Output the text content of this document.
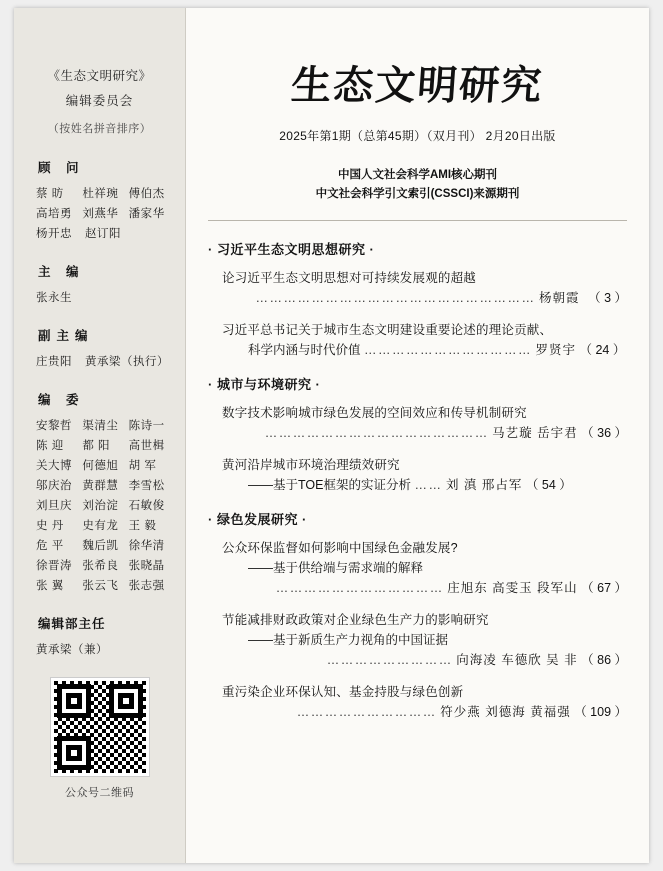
《生态文明研究》
编辑委员会
（按姓名拼音排序）
顾 问
蔡 昉	杜祥琬 傅伯杰
高培勇 刘燕华 潘家华
杨开忠	赵订阳
主 编
张永生
副主编
庄贵阳	黄承梁（执行）
编 委
安黎哲 渠清尘 陈诗一
陈 迎	都 阳	高世楫
关大博 何德旭 胡 军
邬庆治 黄群慧 李雪松
刘旦庆 刘治淀 石敏俊
史 丹	史有龙 王 毅
危 平	魏后凯 徐华清
徐晋涛 张希良 张晓晶
张 翼	张云飞 张志强
编辑部主任
黄承梁（兼）
公众号二维码
生态文明研究
2025年第1期（总第45期）（双月刊） 2月20日出版
中国人文社会科学AMI核心期刊
中文社会科学引文索引(CSSCI)来源期刊
· 习近平生态文明思想研究 ·
论习近平生态文明思想对可持续发展观的超越
…………………………………………………… 杨朝霞 （ 3 ）
习近平总书记关于城市生态文明建设重要论述的理论贡献、
科学内涵与时代价值 ……………………………… 罗贤宇 （ 24 ）
· 城市与环境研究 ·
数字技术影响城市绿色发展的空间效应和传导机制研究
………………………………………… 马艺璇 岳宇君 （ 36 ）
黄河沿岸城市环境治理绩效研究
——基于TOE框架的实证分析 …… 刘 滇 邢占军 （ 54 ）
· 绿色发展研究 ·
公众环保监督如何影响中国绿色金融发展?
——基于供给端与需求端的解释
……………………………… 庄旭东 高雯玉 段军山 （ 67 ）
节能减排财政政策对企业绿色生产力的影响研究
——基于新质生产力视角的中国证据
……………………… 向海凌 车德欣 吴 非 （ 86 ）
重污染企业环保认知、基金持股与绿色创新
………………………… 符少燕 刘德海 黄福强 （ 109 ）
